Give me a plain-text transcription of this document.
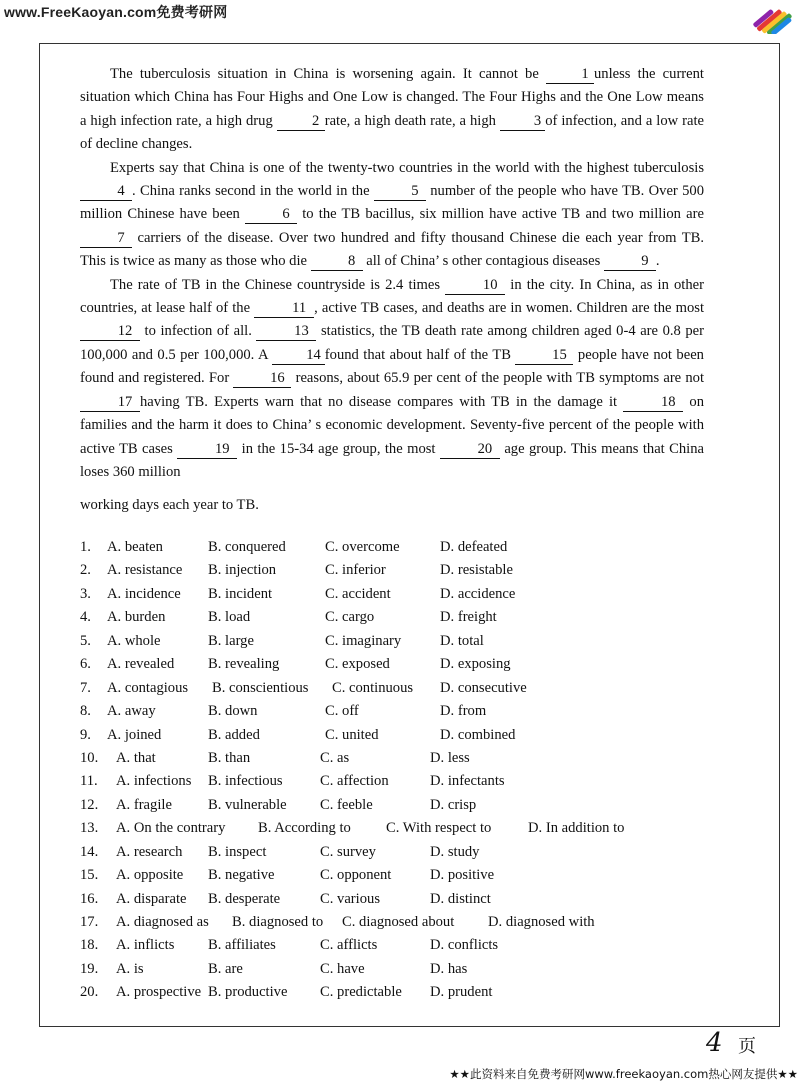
www.FreeKaoyan.com免费考研网

The tuberculosis situation in China is worsening again. It cannot be 1 unless the current situation which China has Four Highs and One Low is changed. The Four Highs and the One Low means a high infection rate, a high drug 2 rate, a high death rate, a high 3 of infection, and a low rate of decline changes.

Experts say that China is one of the twenty-two countries in the world with the highest tuberculosis 4 . China ranks second in the world in the	5 number of the people who have TB. Over 500 million Chinese have been	6 to the TB bacillus, six million have active TB and two million are 7 carriers of the disease. Over two hundred and fifty thousand Chinese die each year from TB. This is twice as many as those who die	8 all of China’ s other contagious diseases	9 .

The rate of TB in the Chinese countryside is 2.4 times	10 in the city. In China, as in other countries, at lease half of the	11 , active TB cases, and deaths are in women. Children are the most 12 to infection of all.	13 statistics, the TB death rate among children aged 0-4 are 0.8 per 100,000 and 0.5 per 100,000. A 14 found that about half of the TB	15 people have not been found and registered. For	16 reasons, about 65.9 per cent of the people with TB symptoms are not 17 having TB. Experts warn that no disease compares with TB in the damage it	18 on families and the harm it does to China’ s economic development. Seventy-five percent of the people with active TB cases	19 in the 15-34 age group, the most	20 age group. This means that China loses 360 million

working days each year to TB.
1. A. beaten	B. conquered	C. overcome	D. defeated
2. A. resistance B. injection	C. inferior	D. resistable
3. A. incidence B. incident	C. accident	D. accidence
4. A. burden	B. load	C. cargo	D. freight
5. A. whole	B. large	C. imaginary	D. total
6. A. revealed B. revealing	C. exposed	D. exposing
7. A. contagious B. conscientious C. continuous D. consecutive
8. A. away	B. down	C. off	D. from
9. A. joined	B. added	C. united	D. combined
10. A. that	B. than	C. as	D. less
11. A. infections B. infectious	C. affection	D. infectants
12. A. fragile B. vulnerable C. feeble	D. crisp
13. A. On the contrary B. According to C. With respect to	D. In addition to
14. A. research B. inspect	C. survey	D. study
15. A. opposite B. negative	C. opponent	D. positive
16. A. disparate B. desperate	C. various	D. distinct
17. A. diagnosed as B. diagnosed to C. diagnosed about D. diagnosed with
18. A. inflicts B. affiliates	C. afflicts	D. conflicts
19. A. is	B. are	C. have	D. has
20. A. prospective B. productive C. predictable D. prudent
4 页
★★此资料来自免费考研网www.freekaoyan.com热心网友提供★★
